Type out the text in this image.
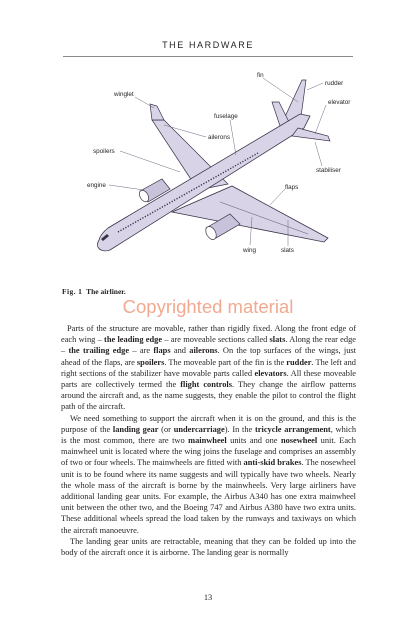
THE HARDWARE
fin
rudder
winglet
fuselage
elevator
ailerons
spoilers
stabiliser
engine	flaps
wing	slats
Fig. 1 The airliner.
Copyrighted material

Parts of the structure are movable, rather than rigidly fixed. Along the front edge of each wing – the leading edge – are moveable sections called slats. Along the rear edge – the trailing edge – are flaps and ailerons. On the top surfaces of the wings, just ahead of the flaps, are spoilers. The moveable part of the fin is the rudder. The left and right sections of the stabilizer have movable parts called elevators. All these moveable parts are collectively termed the flight controls. They change the airflow patterns around the aircraft and, as the name suggests, they enable the pilot to control the flight path of the aircraft.

We need something to support the aircraft when it is on the ground, and this is the purpose of the landing gear (or undercarriage). In the tricycle arrangement, which is the most common, there are two mainwheel units and one nosewheel unit. Each mainwheel unit is located where the wing joins the fuselage and comprises an assembly of two or four wheels. The mainwheels are fitted with anti-skid brakes. The nosewheel unit is to be found where its name suggests and will typically have two wheels. Nearly the whole mass of the aircraft is borne by the mainwheels. Very large airliners have additional landing gear units. For example, the Airbus A340 has one extra mainwheel unit between the other two, and the Boeing 747 and Airbus A380 have two extra units. These additional wheels spread the load taken by the runways and taxiways on which the aircraft manoeuvre.

The landing gear units are retractable, meaning that they can be folded up into the body of the aircraft once it is airborne. The landing gear is normally

13
